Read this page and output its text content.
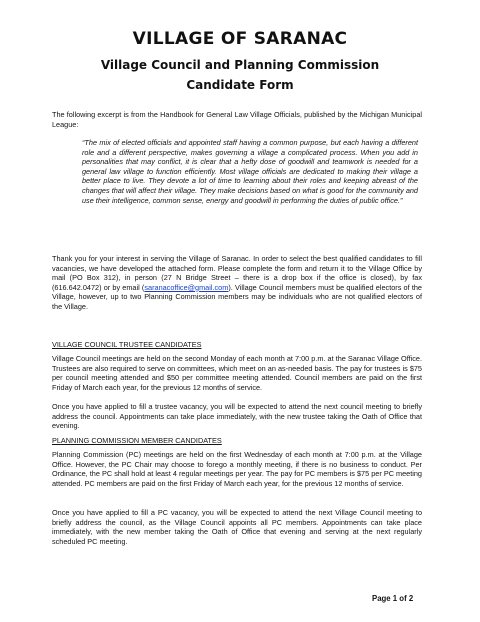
VILLAGE OF SARANAC
Village Council and Planning Commission
Candidate Form
The following excerpt is from the Handbook for General Law Village Officials, published by the Michigan Municipal League:
“The mix of elected officials and appointed staff having a common purpose, but each having a different role and a different perspective, makes governing a village a complicated process. When you add in personalities that may conflict, it is clear that a hefty dose of goodwill and teamwork is needed for a general law village to function efficiently. Most village officials are dedicated to making their village a better place to live. They devote a lot of time to learning about their roles and keeping abreast of the changes that will affect their village. They make decisions based on what is good for the community and use their intelligence, common sense, energy and goodwill in performing the duties of public office.”
Thank you for your interest in serving the Village of Saranac. In order to select the best qualified candidates to fill vacancies, we have developed the attached form. Please complete the form and return it to the Village Office by mail (PO Box 312), in person (27 N Bridge Street – there is a drop box if the office is closed), by fax (616.642.0472) or by email (saranacoffice@gmail.com). Village Council members must be qualified electors of the Village, however, up to two Planning Commission members may be individuals who are not qualified electors of the Village.
VILLAGE COUNCIL TRUSTEE CANDIDATES
Village Council meetings are held on the second Monday of each month at 7:00 p.m. at the Saranac Village Office. Trustees are also required to serve on committees, which meet on an as-needed basis. The pay for trustees is $75 per council meeting attended and $50 per committee meeting attended. Council members are paid on the first Friday of March each year, for the previous 12 months of service.
Once you have applied to fill a trustee vacancy, you will be expected to attend the next council meeting to briefly address the council. Appointments can take place immediately, with the new trustee taking the Oath of Office that evening.
PLANNING COMMISSION MEMBER CANDIDATES
Planning Commission (PC) meetings are held on the first Wednesday of each month at 7:00 p.m. at the Village Office. However, the PC Chair may choose to forego a monthly meeting, if there is no business to conduct. Per Ordinance, the PC shall hold at least 4 regular meetings per year. The pay for PC members is $75 per PC meeting attended. PC members are paid on the first Friday of March each year, for the previous 12 months of service.
Once you have applied to fill a PC vacancy, you will be expected to attend the next Village Council meeting to briefly address the council, as the Village Council appoints all PC members. Appointments can take place immediately, with the new member taking the Oath of Office that evening and serving at the next regularly scheduled PC meeting.
Page 1 of 2
